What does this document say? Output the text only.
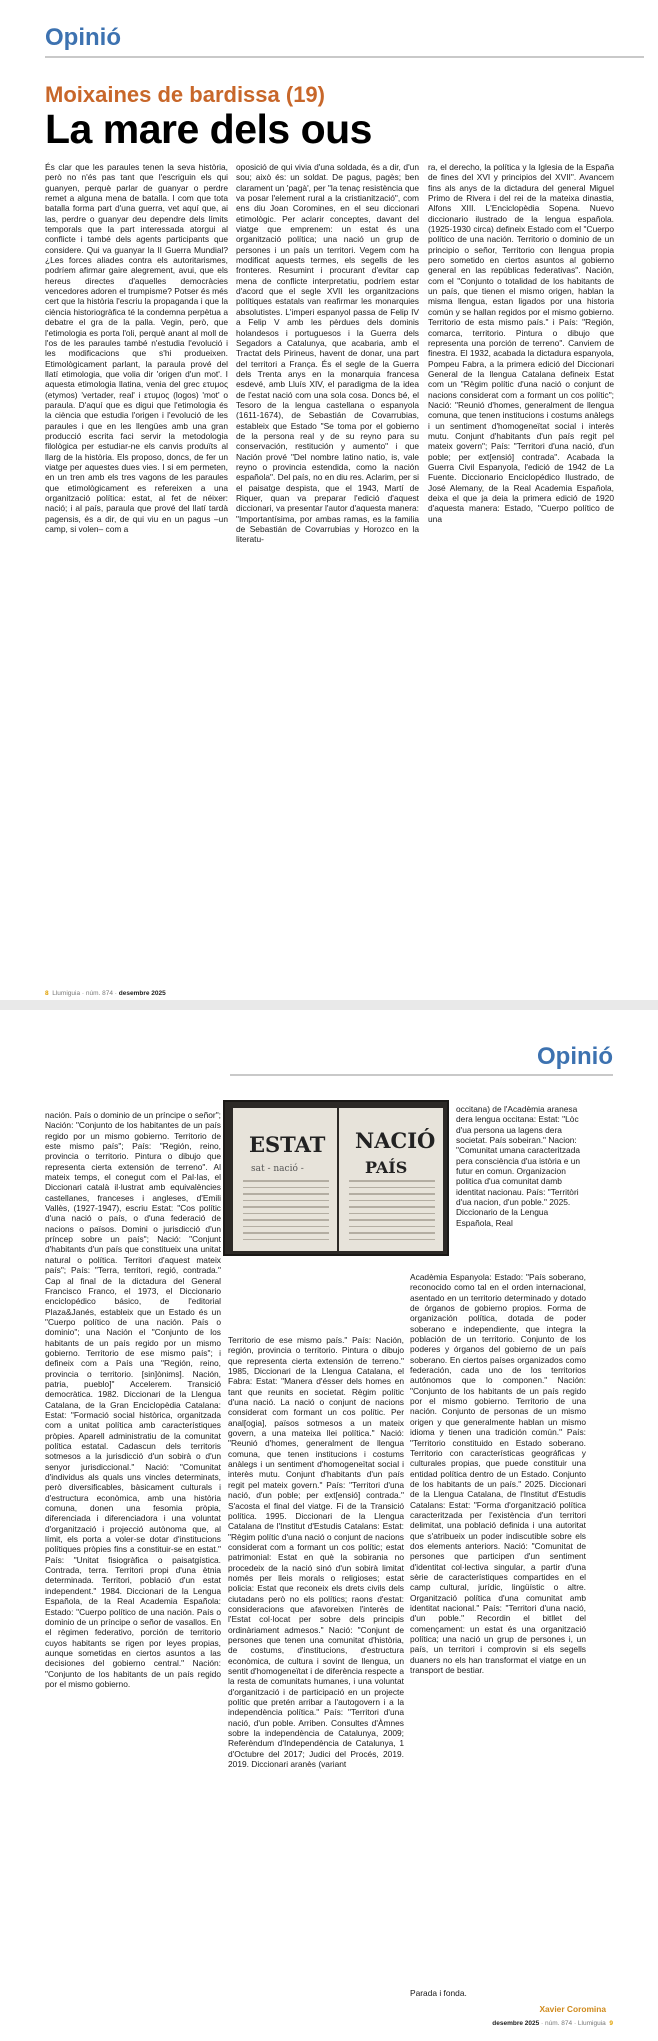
Opinió
Moixaines de bardissa (19)
La mare dels ous

És clar que les paraules tenen la seva història, però no n'és pas tant que l'escriguin els qui guanyen, perquè parlar de guanyar o perdre remet a alguna mena de batalla. I com que tota batalla forma part d'una guerra, vet aquí que, ai las, perdre o guanyar deu dependre dels límits temporals que la part interessada atorgui al conflicte i també dels agents participants que considere. Qui va guanyar la II Guerra Mundial? ¿Les forces aliades contra els autoritarismes, podríem afirmar gaire alegrement, avui, que els hereus directes d'aquelles democràcies vencedores adoren el trumpisme? Potser és més cert que la història l'escriu la propaganda i que la ciència historiogràfica té la condemna perpètua a debatre el gra de la palla. Vegin, però, que l'etimologia es porta l'oli, perquè anant al moll de l'os de les paraules també n'estudia l'evolució i les modificacions que s'hi produeixen. Etimològicament parlant, la paraula prové del llatí etimologia, que volia dir 'origen d'un mot'. I aquesta etimologia llatina, venia del grec ετυμος (etymos) 'vertader, real' i ετυμος (logos) 'mot' o paraula. D'aquí que es digui que l'etimologia és la ciència que estudia l'origen i l'evolució de les paraules i que en les llengües amb una gran producció escrita faci servir la metodologia filològica per estudiar-ne els canvis produïts al llarg de la història. Els proposo, doncs, de fer un viatge per aquestes dues vies. I si em permeten, en un tren amb els tres vagons de les paraules que etimològicament es refereixen a una organització política: estat, al fet de néixer: nació; i al país, paraula que prové del llatí tardà pagensis, és a dir, de qui viu en un pagus –un camp, si volen– com a

oposició de qui vivia d'una soldada, és a dir, d'un sou; això és: un soldat. De pagus, pagès; ben clarament un 'pagà', per "la tenaç resistència que va posar l'element rural a la cristianització", com ens diu Joan Coromines, en el seu diccionari etimològic. Per aclarir conceptes, davant del viatge que emprenem: un estat és una organització política; una nació un grup de persones i un país un territori. Vegem com ha modificat aquests termes, els segells de les fronteres. Resumint i procurant d'evitar cap mena de conflicte interpretatiu, podríem estar d'acord que el segle XVII les organitzacions polítiques estatals van reafirmar les monarquies absolutistes. L'imperi espanyol passa de Felip IV a Felip V amb les pèrdues dels dominis holandesos i portuguesos i la Guerra dels Segadors a Catalunya, que acabaria, amb el Tractat dels Pirineus, havent de donar, una part del territori a França. És el segle de la Guerra dels Trenta anys en la monarquia francesa esdevé, amb Lluís XIV, el paradigma de la idea de l'estat nació com una sola cosa. Doncs bé, el Tesoro de la lengua castellana o espanyola (1611-1674), de Sebastián de Covarrubias, estableix que Estado "Se toma por el gobierno de la persona real y de su reyno para su conservación, restitución y aumento" i que Nación prové "Del nombre latino natio, is, vale reyno o provincia estendida, como la nación española". Del país, no en diu res. Aclarim, per si el paisatge despista, que el 1943, Martí de Riquer, quan va preparar l'edició d'aquest diccionari, va presentar l'autor d'aquesta manera: "Importantísima, por ambas ramas, es la familia de Sebastián de Covarrubias y Horozco en la literatu-

ra, el derecho, la política y la Iglesia de la España de fines del XVI y principios del XVII". Avancem fins als anys de la dictadura del general Miguel Primo de Rivera i del rei de la mateixa dinastia, Alfons XIII. L'Enciclopèdia Sopena. Nuevo diccionario ilustrado de la lengua española. (1925-1930 circa) defineix Estado com el "Cuerpo político de una nación. Territorio o dominio de un principio o señor, Territorio con llengua propia pero sometido en ciertos asuntos al gobierno general en las repúblicas federativas". Nación, com el "Conjunto o totalidad de los habitants de un país, que tienen el mismo origen, hablan la misma llengua, estan ligados por una historia común y se hallan regidos por el mismo gobierno. Territorio de esta mismo país." i País: "Región, comarca, territorio. Pintura o dibujo que representa una porción de terreno". Canviem de finestra. El 1932, acabada la dictadura espanyola, Pompeu Fabra, a la primera edició del Diccionari General de la llengua Catalana defineix Estat com un "Règim polític d'una nació o conjunt de nacions considerat com a formant un cos polític"; Nació: "Reunió d'homes, generalment de llengua comuna, que tenen institucions i costums anàlegs i un sentiment d'homogeneïtat social i interès mutu. Conjunt d'habitants d'un país regit pel mateix govern"; País: "Territori d'una nació, d'un poble; per ext[ensió] contrada". Acabada la Guerra Civil Espanyola, l'edició de 1942 de La Fuente. Diccionario Enciclopédico Ilustrado, de José Alemany, de la Real Academia Española, deixa el que ja deia la primera edició de 1920 d'aquesta manera: Estado, "Cuerpo político de una

8 Llumiguia · núm. 874 · desembre 2025
Opinió
ESTAT
sat - nació -
NACIÓ
PAÍS

occitana) de l'Acadèmia aranesa dera lengua occitana: Estat: "Lòc d'ua persona ua lagens dera societat. País sobeiran." Nacion: "Comunitat umana caracteritzada pera consciència d'ua istòria e un futur en comun. Organizacion politica d'ua comunitat damb identitat nacionau. País: "Territòri d'ua nacion, d'un poble." 2025. Diccionario de la Lengua Española, Real

nación. País o dominio de un príncipe o señor"; Nación: "Conjunto de los habitantes de un país regido por un mismo gobierno. Territorio de este mismo país"; País: "Región, reino, provincia o territorio. Pintura o dibujo que representa cierta extensión de terreno". Al mateix temps, el conegut com el Pal·las, el Diccionari català il·lustrat amb equivalències castellanes, franceses i angleses, d'Emili Vallès, (1927-1947), escriu Estat: "Cos polític d'una nació o país, o d'una federació de nacions o països. Domini o jurisdicció d'un príncep sobre un país"; Nació: "Conjunt d'habitants d'un país que constitueix una unitat natural o política. Territori d'aquest mateix país"; País: "Terra, territori, regió, contrada." Cap al final de la dictadura del General Francisco Franco, el 1973, el Diccionario enciclopédico básico, de l'editorial Plaza&Janés, estableix que un Estado és un "Cuerpo político de una nación. País o dominio"; una Nación el "Conjunto de los habitants de un país regido por un mismo gobierno. Territorio de ese mismo país"; i defineix com a País una "Región, reino, provincia o territorio. [sin]ònims]. Nación, patria, pueblo]" Accelerem. Transició democràtica. 1982. Diccionari de la Llengua Catalana, de la Gran Enciclopèdia Catalana: Estat: "Formació social històrica, organitzada com a unitat política amb característiques pròpies. Aparell administratiu de la comunitat política estatal. Cadascun dels territoris sotmesos a la jurisdicció d'un sobirà o d'un senyor jurisdiccional." Nació: "Comunitat d'individus als quals uns vincles determinats, però diversificables, bàsicament culturals i d'estructura econòmica, amb una història comuna, donen una fesomia pròpia, diferenciada i diferenciadora i una voluntat d'organització i projecció autònoma que, al límit, els porta a voler-se dotar d'institucions polítiques pròpies fins a constituir-se en estat." País: "Unitat fisiogràfica o paisatgística. Contrada, terra. Territori propi d'una ètnia determinada. Territori, població d'un estat independent." 1984. Diccionari de la Lengua Española, de la Real Academia Española: Estado: "Cuerpo político de una nación. País o dominio de un príncipe o señor de vasallos. En el règimen federativo, porción de territorio cuyos habitants se rigen por leyes propias, aunque sometidas en ciertos asuntos a las decisiones del gobierno central." Nación: "Conjunto de los habitants de un país regido por el mismo gobierno.

Territorio de ese mismo país." País: Nación, región, provincia o territorio. Pintura o dibujo que representa cierta extensión de terreno." 1985, Diccionari de la Llengua Catalana, el Fabra: Estat: "Manera d'ésser dels homes en tant que reunits en societat. Règim polític d'una nació. La nació o conjunt de nacions considerat com formant un cos polític. Per anal[ogia], països sotmesos a un mateix govern, a una mateixa llei política." Nació: "Reunió d'homes, generalment de llengua comuna, que tenen institucions i costums anàlegs i un sentiment d'homogeneïtat social i interès mutu. Conjunt d'habitants d'un país regit pel mateix govern." País: "Territori d'una nació, d'un poble; per ext[ensió] contrada." S'acosta el final del viatge. Fi de la Transició política. 1995. Diccionari de la Llengua Catalana de l'Institut d'Estudis Catalans: Estat: "Règim polític d'una nació o conjunt de nacions considerat com a formant un cos polític; estat patrimonial: Estat en què la sobirania no procedeix de la nació sinó d'un sobirà limitat només per lleis morals o religioses; estat policia: Estat que reconeix els drets civils dels ciutadans però no els polítics; raons d'estat: consideracions que afavoreixen l'interès de l'Estat col·locat per sobre dels principis ordinàriament admesos." Nació: "Conjunt de persones que tenen una comunitat d'història, de costums, d'institucions, d'estructura econòmica, de cultura i sovint de llengua, un sentit d'homogeneïtat i de diferència respecte a la resta de comunitats humanes, i una voluntat d'organització i de participació en un projecte polític que pretén arribar a l'autogovern i a la independència política." País: "Territori d'una nació, d'un poble. Arriben. Consultes d'Àmnes sobre la independència de Catalunya, 2009; Referèndum d'Independència de Catalunya, 1 d'Octubre del 2017; Judici del Procés, 2019. 2019. Diccionari aranès (variant

Acadèmia Espanyola: Estado: "País soberano, reconocido como tal en el orden internacional, asentado en un territorio determinado y dotado de órganos de gobierno propios. Forma de organización política, dotada de poder soberano e independiente, que integra la población de un territorio. Conjunto de los poderes y órganos del gobierno de un país soberano. En ciertos países organizados como federación, cada uno de los territorios autónomos que lo componen." Nación: "Conjunto de los habitants de un país regido por el mismo gobierno. Territorio de una nación. Conjunto de personas de un mismo origen y que generalmente hablan un mismo idioma y tienen una tradición común." País: "Territorio constituido en Estado soberano. Territorio con características geográficas y culturales propias, que puede constituir una entidad política dentro de un Estado. Conjunto de los habitants de un país." 2025. Diccionari de la Llengua Catalana, de l'Institut d'Estudis Catalans: Estat: "Forma d'organització política caracteritzada per l'existència d'un territori delimitat, una població definida i una autoritat que s'atribueix un poder indiscutible sobre els dos elements anteriors. Nació: "Comunitat de persones que participen d'un sentiment d'identitat col·lectiva singular, a partir d'una sèrie de característiques compartides en el camp cultural, jurídic, lingüístic o altre. Organització política d'una comunitat amb identitat nacional." País: "Territori d'una nació, d'un poble." Recordin el bitllet del començament: un estat és una organització política; una nació un grup de persones i, un país, un territori i comprovin si els segells duaners no els han transformat el viatge en un transport de bestiar.

Parada i fonda.
Xavier Coromina
desembre 2025 · núm. 874 · Llumiguia 9
